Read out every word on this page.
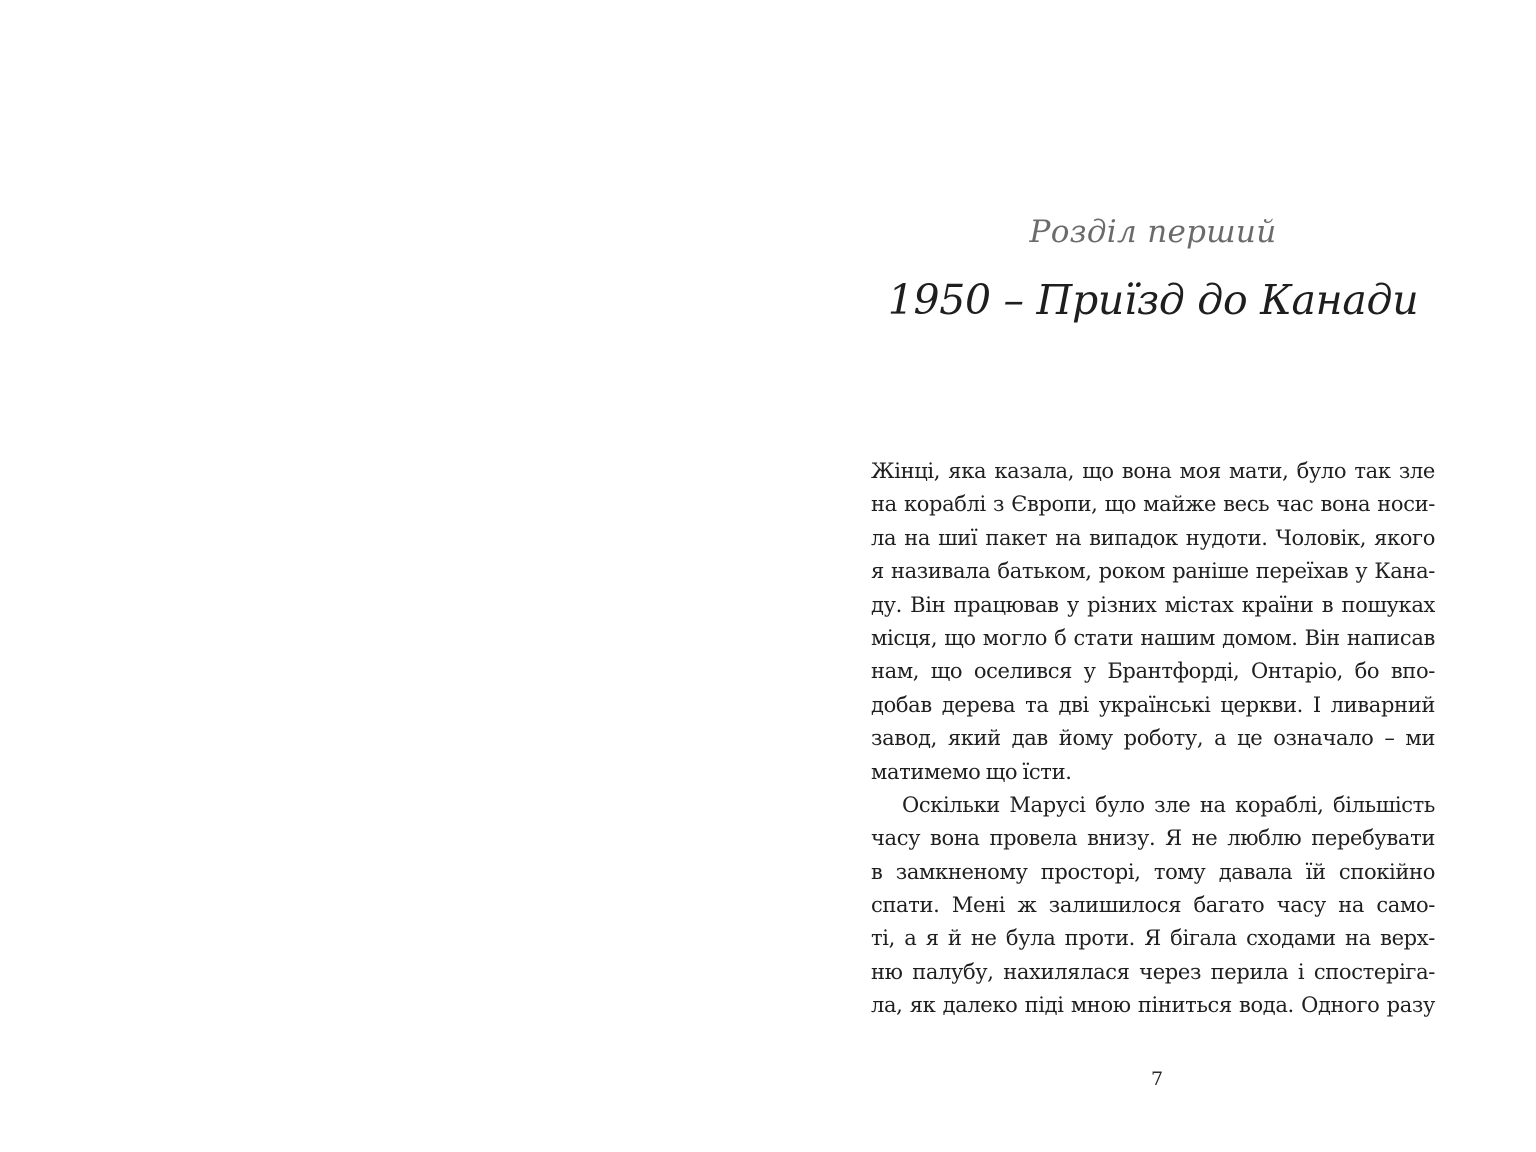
Розділ перший
1950 – Приїзд до Канади
Жінці, яка казала, що вона моя мати, було так зле
на кораблі з Європи, що майже весь час вона носи-
ла на шиї пакет на випадок нудоти. Чоловік, якого
я називала батьком, роком раніше переїхав у Кана-
ду. Він працював у різних містах країни в пошуках
місця, що могло б стати нашим домом. Він написав
нам, що оселився у Брантфорді, Онтаріо, бо впо-
добав дерева та дві українські церкви. І ливарний
завод, який дав йому роботу, а це означало – ми
матимемо що їсти.
Оскільки Марусі було зле на кораблі, більшість
часу вона провела внизу. Я не люблю перебувати
в замкненому просторі, тому давала їй спокійно
спати. Мені ж залишилося багато часу на само-
ті, а я й не була проти. Я бігала сходами на верх-
ню палубу, нахилялася через перила і спостеріга-
ла, як далеко піді мною пiниться вода. Одного разу
7
